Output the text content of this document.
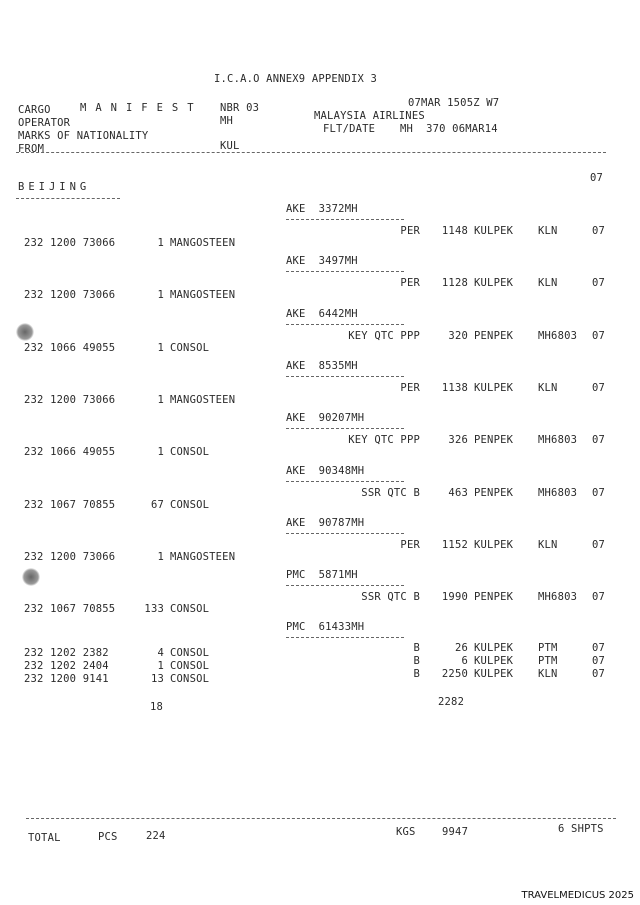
I.C.A.O ANNEX9 APPENDIX 3
CARGO	MANIFEST
OPERATOR
MARKS OF NATIONALITY
FROM
NBR 03
MH
KUL
07MAR 1505Z W7
MALAYSIA AIRLINES
FLT/DATE MH  370 06MAR14
BEIJING
07
AKE  3372MH
232 1200 73066	1 MANGOSTEEN
PER	1148 KULPEK KLN	07
AKE  3497MH
232 1200 73066	1 MANGOSTEEN
PER	1128 KULPEK KLN	07
AKE  6442MH
232 1066 49055	1 CONSOL
KEY QTC PPP	320 PENPEK MH6803 07
AKE  8535MH
232 1200 73066	1 MANGOSTEEN
PER	1138 KULPEK KLN	07
AKE  90207MH
232 1066 49055	1 CONSOL
KEY QTC PPP	326 PENPEK MH6803 07
AKE  90348MH
232 1067 70855	67 CONSOL
SSR QTC B	463 PENPEK MH6803 07
AKE  90787MH
232 1200 73066	1 MANGOSTEEN
PER	1152 KULPEK KLN	07
PMC  5871MH
232 1067 70855	133 CONSOL
SSR QTC B	1990 PENPEK MH6803 07
PMC  61433MH
232 1202 2382	4 CONSOL	B	26 KULPEK PTM	07
232 1202 2404	1 CONSOL	B	6 KULPEK PTM	07
232 1200 9141	13 CONSOL	B	2250 KULPEK KLN	07
18	2282
TOTAL	PCS	224	KGS	9947	6 SHPTS
TRAVELMEDICUS 2025
